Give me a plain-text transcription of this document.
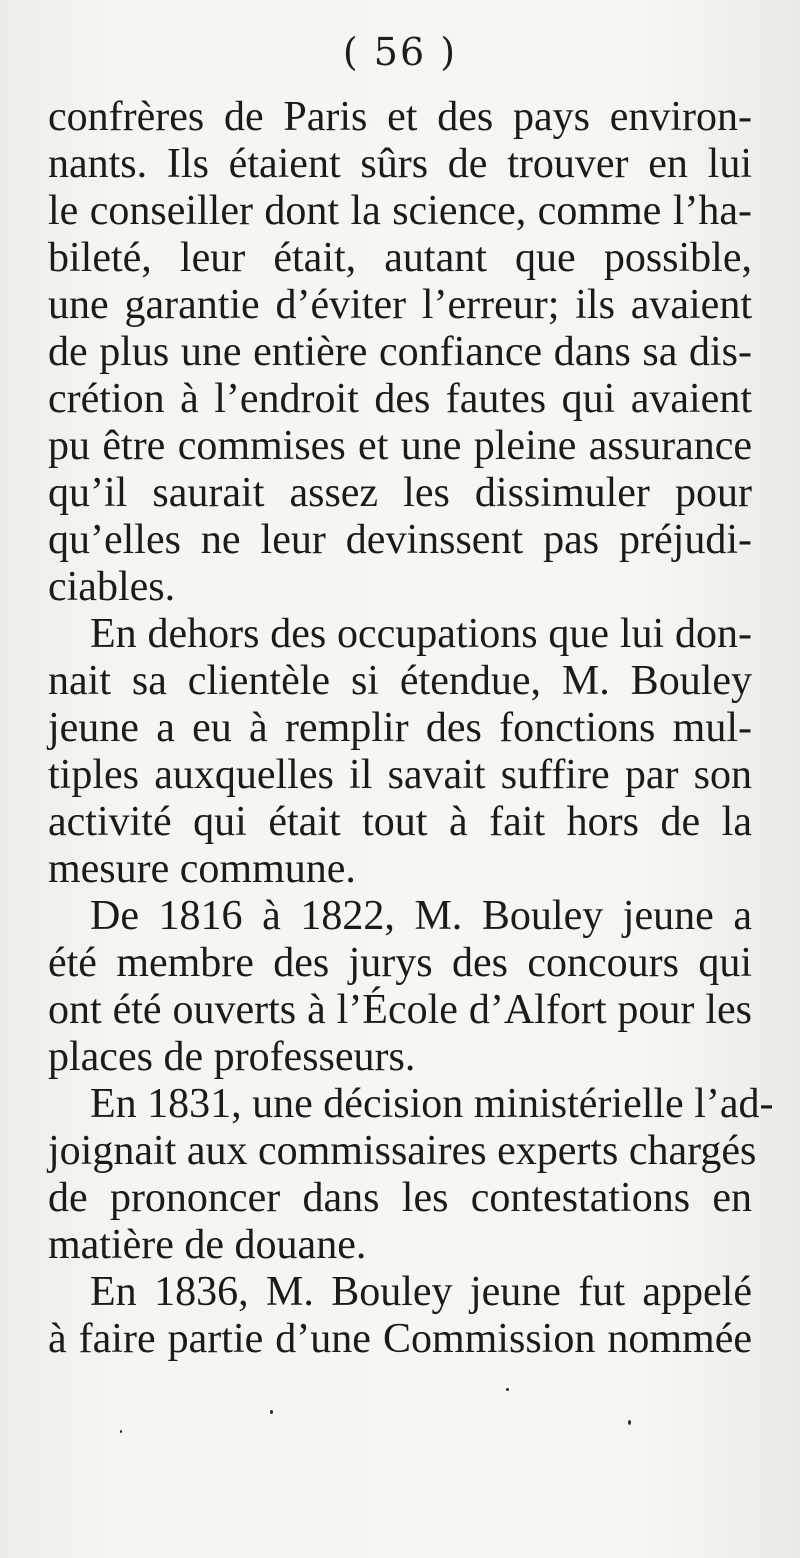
( 56 )
confrères de Paris et des pays environ-
nants. Ils étaient sûrs de trouver en lui
le conseiller dont la science, comme l’ha-
bileté, leur était, autant que possible,
une garantie d’éviter l’erreur; ils avaient
de plus une entière confiance dans sa dis-
crétion à l’endroit des fautes qui avaient
pu être commises et une pleine assurance
qu’il saurait assez les dissimuler pour
qu’elles ne leur devinssent pas préjudi-
ciables.
En dehors des occupations que lui don-
nait sa clientèle si étendue, M. Bouley
jeune a eu à remplir des fonctions mul-
tiples auxquelles il savait suffire par son
activité qui était tout à fait hors de la
mesure commune.
De 1816 à 1822, M. Bouley jeune a
été membre des jurys des concours qui
ont été ouverts à l’École d’Alfort pour les
places de professeurs.
En 1831, une décision ministérielle l’ad-
joignait aux commissaires experts chargés
de prononcer dans les contestations en
matière de douane.
En 1836, M. Bouley jeune fut appelé
à faire partie d’une Commission nommée
